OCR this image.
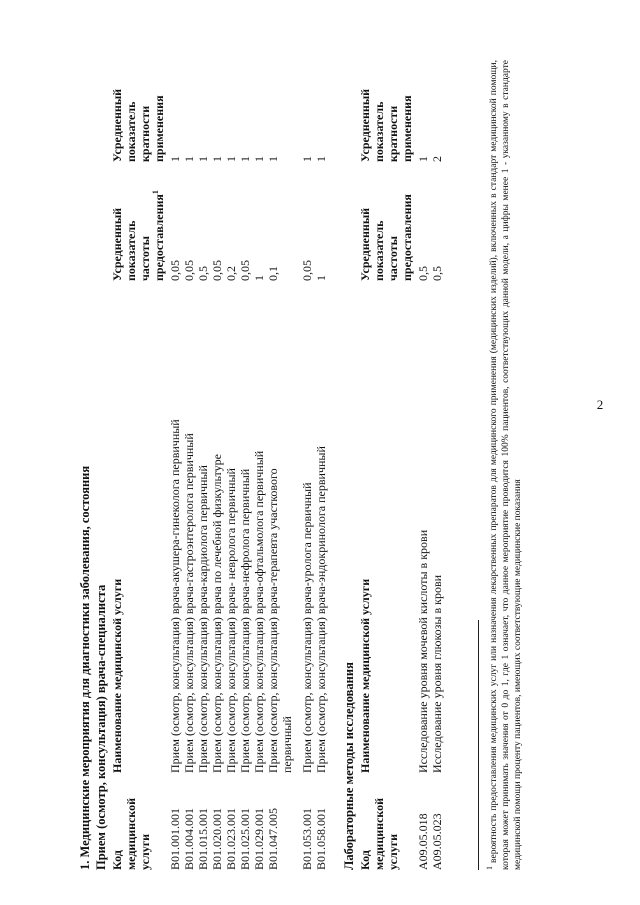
2
1. Медицинские мероприятия для диагностики заболевания, состояния Прием (осмотр, консультация) врача-специалиста Код медицинской услуги
Наименование медицинской услуги
Усредненный показатель частоты предоставления$^1$
Усредненный показатель кратности применения
B01.001.001
Прием (осмотр, консультация) врача-акушера-гинеколога первичный
0,05
1
B01.004.001
Прием (осмотр, консультация) врача-гастроэнтеролога первичный
0,05
1
B01.015.001
Прием (осмотр, консультация) врача-кардиолога первичный
0,5
1
B01.020.001
Прием (осмотр, консультация) врача по лечебной физкультуре
0,05
1
B01.023.001
Прием (осмотр, консультация) врача- невролога первичный
0,2
1
B01.025.001
Прием (осмотр, консультация) врача-нефролога первичный
0,05
1
B01.029.001
Прием (осмотр, консультация) врача-офтальмолога первичный
1
1
B01.047.005
Прием (осмотр, консультация) врача-терапевта участкового первичный
0,1
1
B01.053.001
Прием (осмотр, консультация) врача-уролога первичный
0,05
1
B01.058.001
Прием (осмотр, консультация) врача-эндокринолога первичный
1
1
Лабораторные методы исследования Код медицинской услуги
Наименование медицинской услуги
Усредненный показатель частоты предоставления
Усредненный показатель кратности применения
A09.05.018
Исследование уровня мочевой кислоты в крови
0,5
1
A09.05.023
Исследование уровня глюкозы в крови
0,5
2
$^1$ вероятность предоставления медицинских услуг или назначения лекарственных препаратов для медицинского применения (медицинских изделий), включенных в стандарт медицинской помощи, которая может принимать значения от 0 до 1, где 1 означает, что данное мероприятие проводится 100% пациентов, соответствующих данной модели, а цифры менее 1 - указанному в стандарте медицинской помощи проценту пациентов, имеющих соответствующие медицинские показания
